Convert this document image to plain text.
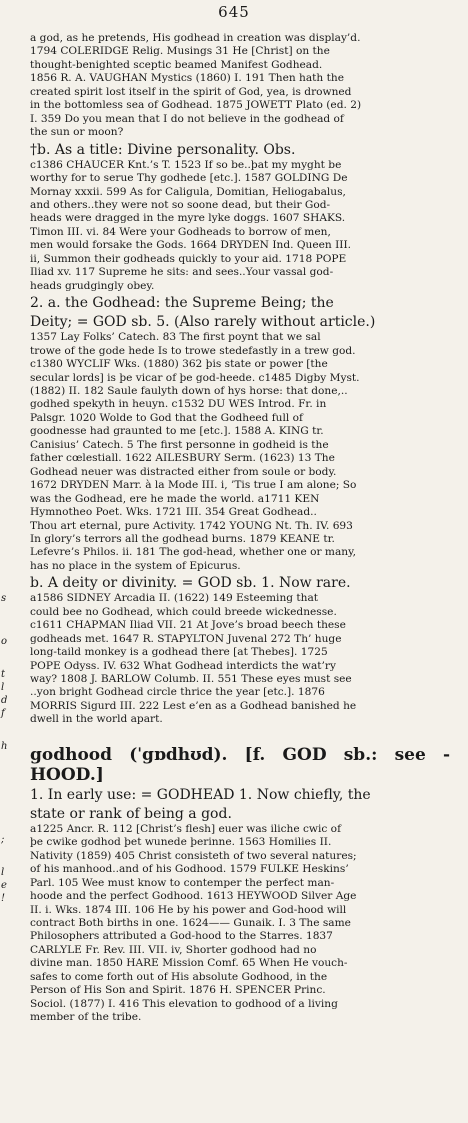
645

a god, as he pretends, His godhead in creation was display’d.

1794 COLERIDGE Relig. Musings 31 He [Christ] on the

thought-benighted sceptic beamed Manifest Godhead.

1856 R. A. VAUGHAN Mystics (1860) I. 191 Then hath the

created spirit lost itself in the spirit of God, yea, is drowned

in the bottomless sea of Godhead. 1875 JOWETT Plato (ed. 2)

I. 359 Do you mean that I do not believe in the godhead of

the sun or moon?

†b. As a title: Divine personality. Obs.

c1386 CHAUCER Knt.’s T. 1523 If so be..þat my myght be

worthy for to serue Thy godhede [etc.]. 1587 GOLDING De

Mornay xxxii. 599 As for Caligula, Domitian, Heliogabalus,

and others..they were not so soone dead, but their God-

heads were dragged in the myre lyke doggs. 1607 SHAKS.

Timon III. vi. 84 Were your Godheads to borrow of men,

men would forsake the Gods. 1664 DRYDEN Ind. Queen III.

ii, Summon their godheads quickly to your aid. 1718 POPE

Iliad xv. 117 Supreme he sits: and sees..Your vassal god-

heads grudgingly obey.

2. a. the Godhead: the Supreme Being; the

Deity; = GOD sb. 5. (Also rarely without article.)

1357 Lay Folks’ Catech. 83 The first poynt that we sal

trowe of the gode hede Is to trowe stedefastly in a trew god.

c1380 WYCLIF Wks. (1880) 362 þis state or power [the

secular lords] is þe vicar of þe god-heede. c1485 Digby Myst.

(1882) II. 182 Saule faulyth down of hys horse: that done,..

godhed spekyth in heuyn. c1532 DU WES Introd. Fr. in

Palsgr. 1020 Wolde to God that the Godheed full of

goodnesse had graunted to me [etc.]. 1588 A. KING tr.

Canisius’ Catech. 5 The first personne in godheid is the

father cœlestiall. 1622 AILESBURY Serm. (1623) 13 The

Godhead neuer was distracted either from soule or body.

1672 DRYDEN Marr. à la Mode III. i, ’Tis true I am alone; So

was the Godhead, ere he made the world. a1711 KEN

Hymnotheo Poet. Wks. 1721 III. 354 Great Godhead..

Thou art eternal, pure Activity. 1742 YOUNG Nt. Th. IV. 693

In glory’s terrors all the godhead burns. 1879 KEANE tr.

Lefevre’s Philos. ii. 181 The god-head, whether one or many,

has no place in the system of Epicurus.

b. A deity or divinity. = GOD sb. 1. Now rare.

a1586 SIDNEY Arcadia II. (1622) 149 Esteeming that

could bee no Godhead, which could breede wickednesse.

c1611 CHAPMAN Iliad VII. 21 At Jove’s broad beech these

godheads met. 1647 R. STAPYLTON Juvenal 272 Th’ huge

long-taild monkey is a godhead there [at Thebes]. 1725

POPE Odyss. IV. 632 What Godhead interdicts the wat’ry

way? 1808 J. BARLOW Columb. II. 551 These eyes must see

..yon bright Godhead circle thrice the year [etc.]. 1876

MORRIS Sigurd III. 222 Lest e’en as a Godhead banished he

dwell in the world apart.

godhood (ˈgɒdhʊd). [f. GOD sb.: see -HOOD.]

1. In early use: = GODHEAD 1. Now chiefly, the

state or rank of being a god.

a1225 Ancr. R. 112 [Christ’s flesh] euer was iliche cwic of

þe cwike godhod þet wunede þerinne. 1563 Homilies II.

Nativity (1859) 405 Christ consisteth of two several natures;

of his manhood..and of his Godhood. 1579 FULKE Heskins’

Parl. 105 Wee must know to contemper the perfect man-

hoode and the perfect Godhood. 1613 HEYWOOD Silver Age

II. i. Wks. 1874 III. 106 He by his power and God-hood will

contract Both births in one. 1624—— Gunaik. I. 3 The same

Philosophers attributed a God-hood to the Starres. 1837

CARLYLE Fr. Rev. III. VII. iv, Shorter godhood had no

divine man. 1850 HARE Mission Comf. 65 When He vouch-

safes to come forth out of His absolute Godhood, in the

Person of His Son and Spirit. 1876 H. SPENCER Princ.

Sociol. (1877) I. 416 This elevation to godhood of a living

member of the tribe.

s
o
t
l
d
f
h
;
l
e
!
